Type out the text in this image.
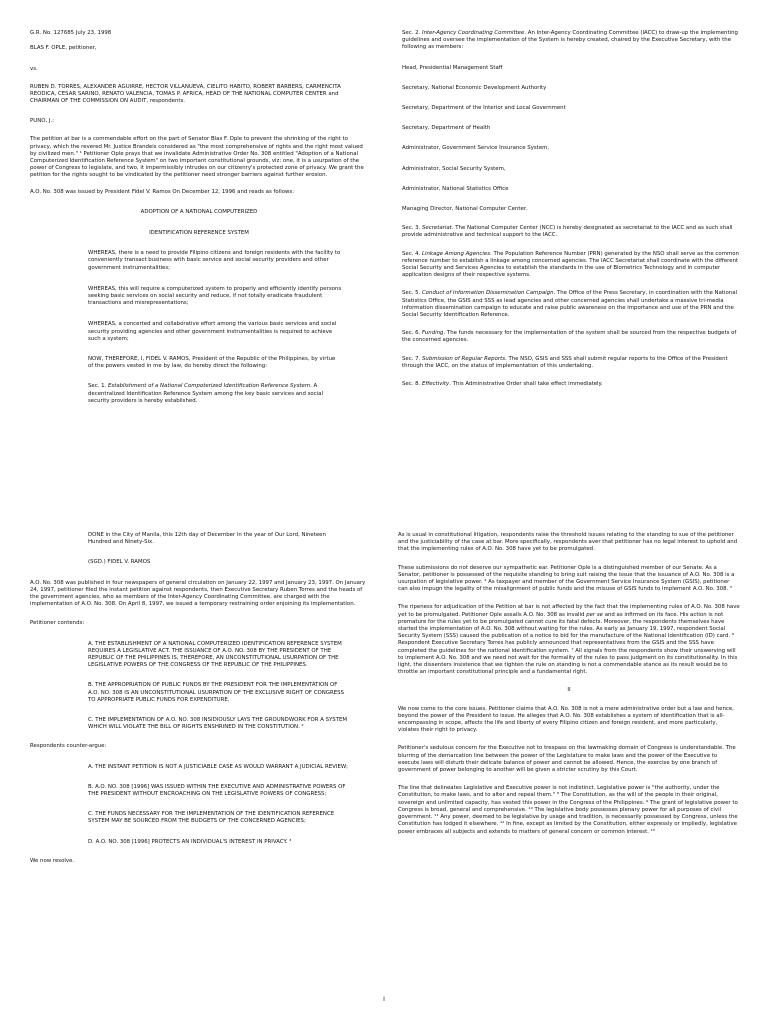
G.R. No. 127685 July 23, 1998

BLAS F. OPLE, petitioner,

vs.

RUBEN D. TORRES, ALEXANDER AGUIRRE, HECTOR VILLANUEVA, CIELITO HABITO, ROBERT BARBERS, CARMENCITA REODICA, CESAR SARINO, RENATO VALENCIA, TOMAS P. AFRICA, HEAD OF THE NATIONAL COMPUTER CENTER and CHAIRMAN OF THE COMMISSION ON AUDIT, respondents.

PUNO, J.:

The petition at bar is a commendable effort on the part of Senator Blas F. Ople to prevent the shrinking of the right to privacy, which the revered Mr. Justice Brandeis considered as "the most comprehensive of rights and the right most valued by civilized men." ¹ Petitioner Ople prays that we invalidate Administrative Order No. 308 entitled "Adoption of a National Computerized Identification Reference System" on two important constitutional grounds, viz: one, it is a usurpation of the power of Congress to legislate, and two, it impermissibly intrudes on our citizenry's protected zone of privacy. We grant the petition for the rights sought to be vindicated by the petitioner need stronger barriers against further erosion.

A.O. No. 308 was issued by President Fidel V. Ramos On December 12, 1996 and reads as follows:

ADOPTION OF A NATIONAL COMPUTERIZED

IDENTIFICATION REFERENCE SYSTEM

WHEREAS, there is a need to provide Filipino citizens and foreign residents with the facility to conveniently transact business with basic service and social security providers and other government instrumentalities;

WHEREAS, this will require a computerized system to properly and efficiently identify persons seeking basic services on social security and reduce, if not totally eradicate fraudulent transactions and misrepresentations;

WHEREAS, a concerted and collaborative effort among the various basic services and social security providing agencies and other government instrumentalities is required to achieve such a system;

NOW, THEREFORE, I, FIDEL V. RAMOS, President of the Republic of the Philippines, by virtue of the powers vested in me by law, do hereby direct the following:

Sec. 1. Establishment of a National Compoterized Identification Reference System. A decentralized Identification Reference System among the key basic services and social security providers is hereby established.

Sec. 2. Inter-Agency Coordinating Committee. An Inter-Agency Coordinating Committee (IACC) to draw-up the implementing guidelines and oversee the implementation of the System is hereby created, chaired by the Executive Secretary, with the following as members:

Head, Presidential Management Staff

Secretary, National Economic Development Authority

Secretary, Department of the Interior and Local Government

Secretary, Department of Health

Administrator, Government Service Insurance System,

Administrator, Social Security System,

Administrator, National Statistics Office

Managing Director, National Computer Center.

Sec. 3. Secretariat. The National Computer Center (NCC) is hereby designated as secretariat to the IACC and as such shall provide administrative and technical support to the IACC.

Sec. 4. Linkage Among Agencies. The Population Reference Number (PRN) generated by the NSO shall serve as the common reference number to establish a linkage among concerned agencies. The IACC Secretariat shall coordinate with the different Social Security and Services Agencies to establish the standards in the use of Biometrics Technology and in computer application designs of their respective systems.

Sec. 5. Conduct of Information Dissemination Campaign. The Office of the Press Secretary, in coordination with the National Statistics Office, the GSIS and SSS as lead agencies and other concerned agencies shall undertake a massive tri-media information dissemination campaign to educate and raise public awareness on the importance and use of the PRN and the Social Security Identification Reference.

Sec. 6. Funding. The funds necessary for the implementation of the system shall be sourced from the respective budgets of the concerned agencies.

Sec. 7. Submission of Regular Reports. The NSO, GSIS and SSS shall submit regular reports to the Office of the President through the IACC, on the status of implementation of this undertaking.

Sec. 8. Effectivity. This Administrative Order shall take effect immediately.

DONE in the City of Manila, this 12th day of December in the year of Our Lord, Nineteen Hundred and Ninety-Six.

(SGD.) FIDEL V. RAMOS

A.O. No. 308 was published in four newspapers of general circulation on January 22, 1997 and January 23, 1997. On January 24, 1997, petitioner filed the instant petition against respondents, then Executive Secretary Ruben Torres and the heads of the government agencies, who as members of the Inter-Agency Coordinating Committee, are charged with the implementation of A.O. No. 308. On April 8, 1997, we issued a temporary restraining order enjoining its implementation.

Petitioner contends:

A. THE ESTABLISHMENT OF A NATIONAL COMPUTERIZED IDENTIFICATION REFERENCE SYSTEM REQUIRES A LEGISLATIVE ACT. THE ISSUANCE OF A.O. NO. 308 BY THE PRESIDENT OF THE REPUBLIC OF THE PHILIPPINES IS, THEREFORE, AN UNCONSTITUTIONAL USURPATION OF THE LEGISLATIVE POWERS OF THE CONGRESS OF THE REPUBLIC OF THE PHILIPPINES.

B. THE APPROPRIATION OF PUBLIC FUNDS BY THE PRESIDENT FOR THE IMPLEMENTATION OF A.O. NO. 308 IS AN UNCONSTITUTIONAL USURPATION OF THE EXCLUSIVE RIGHT OF CONGRESS TO APPROPRIATE PUBLIC FUNDS FOR EXPENDITURE.

C. THE IMPLEMENTATION OF A.O. NO. 308 INSIDIOUSLY LAYS THE GROUNDWORK FOR A SYSTEM WHICH WILL VIOLATE THE BILL OF RIGHTS ENSHRINED IN THE CONSTITUTION. ²

Respondents counter-argue:

A. THE INSTANT PETITION IS NOT A JUSTICIABLE CASE AS WOULD WARRANT A JUDICIAL REVIEW;

B. A.O. NO. 308 [1996] WAS ISSUED WITHIN THE EXECUTIVE AND ADMINISTRATIVE POWERS OF THE PRESIDENT WITHOUT ENCROACHING ON THE LEGISLATIVE POWERS OF CONGRESS;

C. THE FUNDS NECESSARY FOR THE IMPLEMENTATION OF THE IDENTIFICATION REFERENCE SYSTEM MAY BE SOURCED FROM THE BUDGETS OF THE CONCERNED AGENCIES;

D. A.O. NO. 308 [1996] PROTECTS AN INDIVIDUAL'S INTEREST IN PRIVACY. ³

We now resolve.

As is usual in constitutional litigation, respondents raise the threshold issues relating to the standing to sue of the petitioner and the justiciability of the case at bar. More specifically, respondents aver that petitioner has no legal interest to uphold and that the implementing rules of A.O. No. 308 have yet to be promulgated.

These submissions do not deserve our sympathetic ear. Petitioner Ople is a distinguished member of our Senate. As a Senator, petitioner is possessed of the requisite standing to bring suit raising the issue that the issuance of A.O. No. 308 is a usurpation of legislative power. ⁴ As taxpayer and member of the Government Service Insurance System (GSIS), petitioner can also impugn the legality of the misalignment of public funds and the misuse of GSIS funds to implement A.O. No. 308. ⁵

The ripeness for adjudication of the Petition at bar is not affected by the fact that the implementing rules of A.O. No. 308 have yet to be promulgated. Petitioner Ople assails A.O. No. 308 as invalid per se and as infirmed on its face. His action is not premature for the rules yet to be promulgated cannot cure its fatal defects. Moreover, the respondents themselves have started the implementation of A.O. No. 308 without waiting for the rules. As early as January 19, 1997, respondent Social Security System (SSS) caused the publication of a notice to bid for the manufacture of the National Identification (ID) card. ⁶ Respondent Executive Secretary Torres has publicly announced that representatives from the GSIS and the SSS have completed the guidelines for the national identification system. ⁷ All signals from the respondents show their unswerving will to implement A.O. No. 308 and we need not wait for the formality of the rules to pass judgment on its constitutionality. In this light, the dissenters insistence that we tighten the rule on standing is not a commendable stance as its result would be to throttle an important constitutional principle and a fundamental right.

II

We now come to the core issues. Petitioner claims that A.O. No. 308 is not a mere administrative order but a law and hence, beyond the power of the President to issue. He alleges that A.O. No. 308 establishes a system of identification that is all-encompassing in scope, affects the life and liberty of every Filipino citizen and foreign resident, and more particularly, violates their right to privacy.

Petitioner's sedulous concern for the Executive not to trespass on the lawmaking domain of Congress is understandable. The blurring of the demarcation line between the power of the Legislature to make laws and the power of the Executive to execute laws will disturb their delicate balance of power and cannot be allowed. Hence, the exercise by one branch of government of power belonging to another will be given a stricter scrutiny by this Court.

The line that delineates Legislative and Executive power is not indistinct. Legislative power is "the authority, under the Constitution, to make laws, and to alter and repeal them." ⁸ The Constitution, as the will of the people in their original, sovereign and unlimited capacity, has vested this power in the Congress of the Philippines. ⁹ The grant of legislative power to Congress is broad, general and comprehensive. ¹⁰ The legislative body possesses plenary power for all purposes of civil government. ¹¹ Any power, deemed to be legislative by usage and tradition, is necessarily possessed by Congress, unless the Constitution has lodged it elsewhere. ¹² In fine, except as limited by the Constitution, either expressly or impliedly, legislative power embraces all subjects and extends to matters of general concern or common interest. ¹³

I
